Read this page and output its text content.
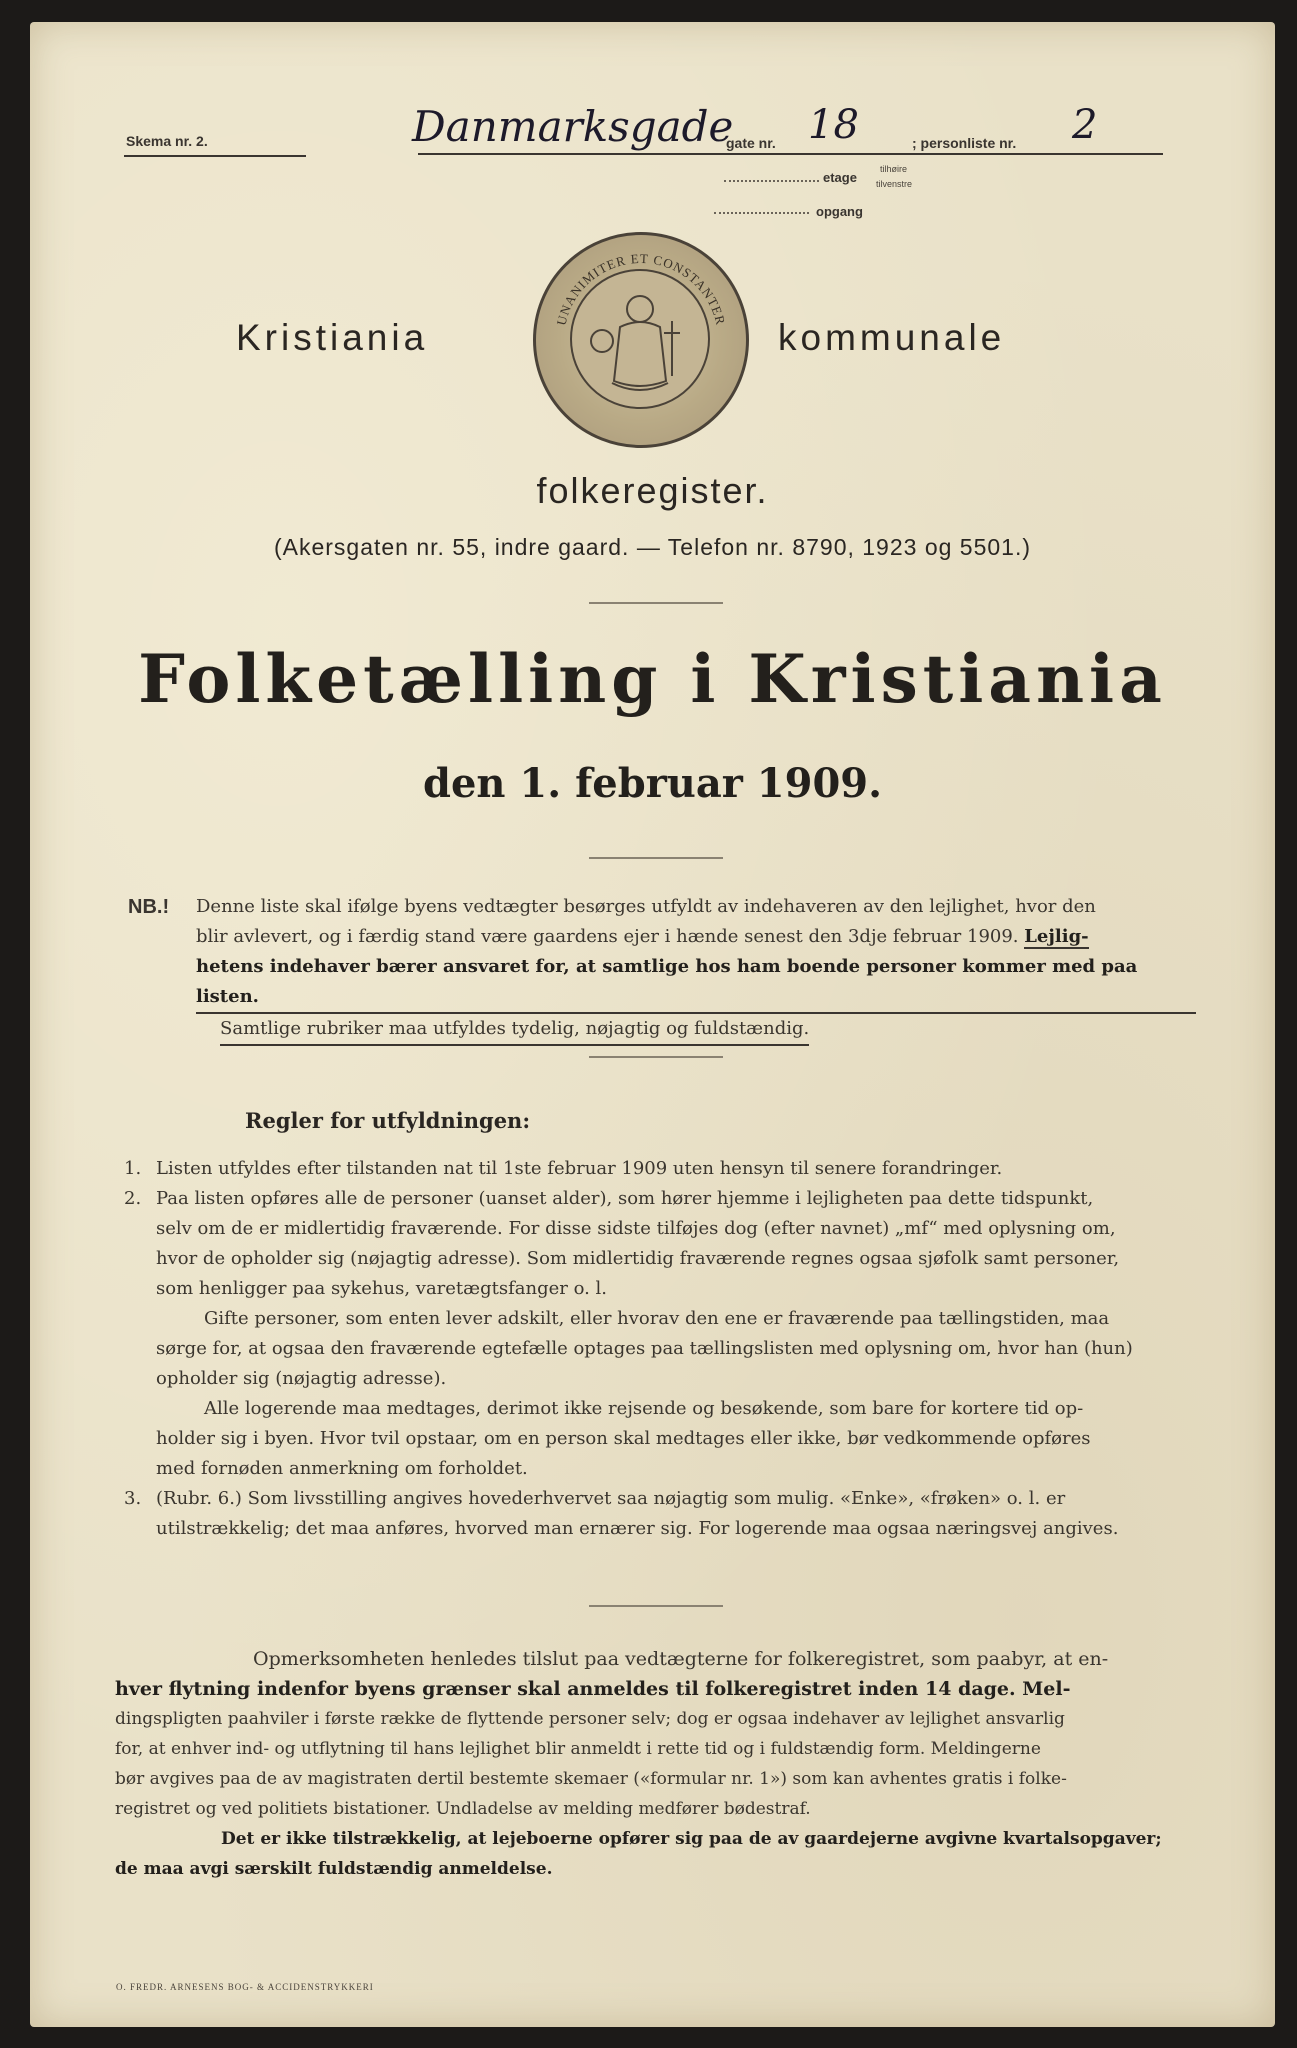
Skema nr. 2.	Danmarksgade
gate nr. 18	; personliste nr. 2
etage
tilhøire
tilvenstre
opgang
Kristiania	UNANIMITER ET CONSTANTER kommunale
folkeregister.
(Akersgaten nr. 55, indre gaard. — Telefon nr. 8790, 1923 og 5501.)
Folketælling i Kristiania
den 1. februar 1909.
NB.! Denne liste skal ifølge byens vedtægter besørges utfyldt av indehaveren av den lejlighet, hvor den

blir avlevert, og i færdig stand være gaardens ejer i hænde senest den 3dje februar 1909. Lejlig-

hetens indehaver bærer ansvaret for, at samtlige hos ham boende personer kommer med paa listen.

Samtlige rubriker maa utfyldes tydelig, nøjagtig og fuldstændig.

Regler for utfyldningen:
1. Listen utfyldes efter tilstanden nat til 1ste februar 1909 uten hensyn til senere forandringer.

2. Paa listen opføres alle de personer (uanset alder), som hører hjemme i lejligheten paa dette tidspunkt,

selv om de er midlertidig fraværende. For disse sidste tilføjes dog (efter navnet) „mf“ med oplysning om,

hvor de opholder sig (nøjagtig adresse). Som midlertidig fraværende regnes ogsaa sjøfolk samt personer,

som henligger paa sykehus, varetægtsfanger o. l.

Gifte personer, som enten lever adskilt, eller hvorav den ene er fraværende paa tællingstiden, maa

sørge for, at ogsaa den fraværende egtefælle optages paa tællingslisten med oplysning om, hvor han (hun)

opholder sig (nøjagtig adresse).

Alle logerende maa medtages, derimot ikke rejsende og besøkende, som bare for kortere tid op-

holder sig i byen. Hvor tvil opstaar, om en person skal medtages eller ikke, bør vedkommende opføres

med fornøden anmerkning om forholdet.

3. (Rubr. 6.) Som livsstilling angives hovederhvervet saa nøjagtig som mulig. «Enke», «frøken» o. l. er

utilstrækkelig; det maa anføres, hvorved man ernærer sig. For logerende maa ogsaa næringsvej angives.

Opmerksomheten henledes tilslut paa vedtægterne for folkeregistret, som paabyr, at en-

hver flytning indenfor byens grænser skal anmeldes til folkeregistret inden 14 dage. Mel-

dingspligten paahviler i første række de flyttende personer selv; dog er ogsaa indehaver av lejlighet ansvarlig

for, at enhver ind- og utflytning til hans lejlighet blir anmeldt i rette tid og i fuldstændig form. Meldingerne

bør avgives paa de av magistraten dertil bestemte skemaer («formular nr. 1») som kan avhentes gratis i folke-

registret og ved politiets bistationer. Undladelse av melding medfører bødestraf.

Det er ikke tilstrækkelig, at lejeboerne opfører sig paa de av gaardejerne avgivne kvartalsopgaver;

de maa avgi særskilt fuldstændig anmeldelse.

O. FREDR. ARNESENS BOG- & ACCIDENSTRYKKERI
